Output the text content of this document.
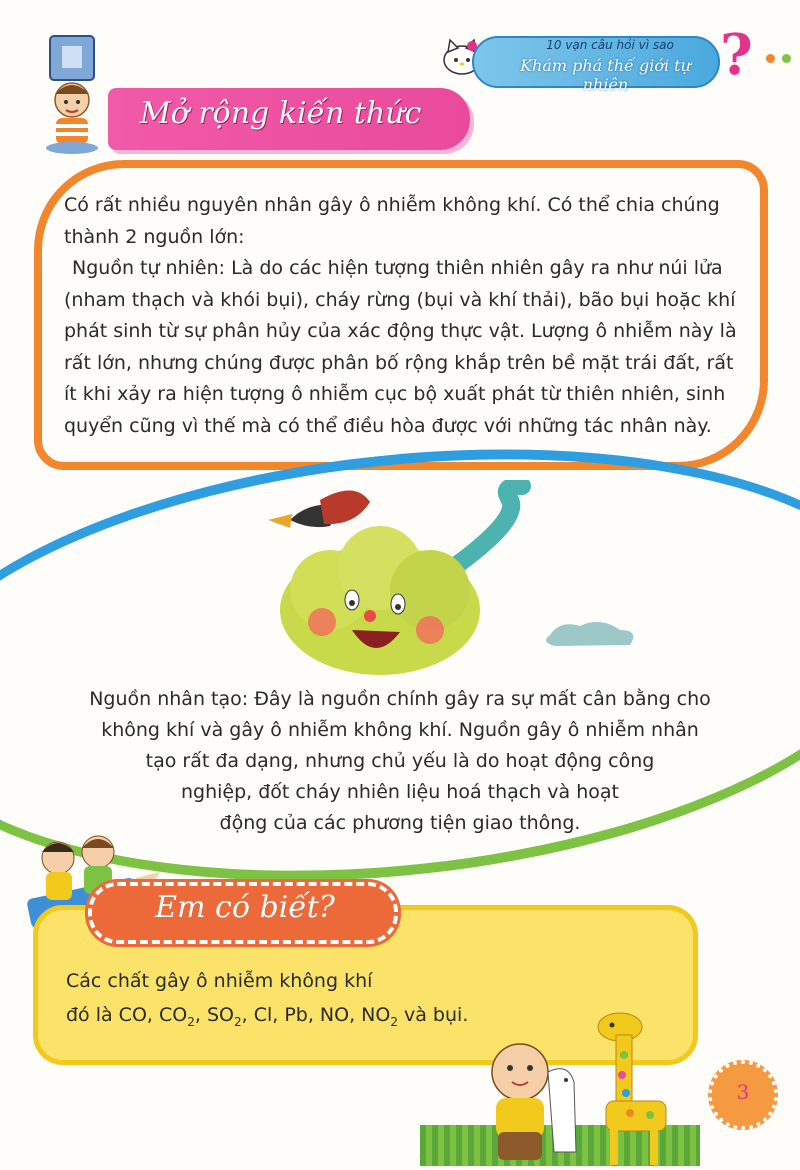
10 vạn câu hỏi vì sao
Khám phá thế giới tự nhiên	?
Mở rộng kiến thức
Có rất nhiều nguyên nhân gây ô nhiễm không khí. Có thể chia chúng thành 2 nguồn lớn:
Nguồn tự nhiên: Là do các hiện tượng thiên nhiên gây ra như núi lửa (nham thạch và khói bụi), cháy rừng (bụi và khí thải), bão bụi hoặc khí phát sinh từ sự phân hủy của xác động thực vật. Lượng ô nhiễm này là rất lớn, nhưng chúng được phân bố rộng khắp trên bề mặt trái đất, rất ít khi xảy ra hiện tượng ô nhiễm cục bộ xuất phát từ thiên nhiên, sinh quyển cũng vì thế mà có thể điều hòa được với những tác nhân này.
Nguồn nhân tạo: Đây là nguồn chính gây ra sự mất cân bằng cho
không khí và gây ô nhiễm không khí. Nguồn gây ô nhiễm nhân
tạo rất đa dạng, nhưng chủ yếu là do hoạt động công
nghiệp, đốt cháy nhiên liệu hoá thạch và hoạt
động của các phương tiện giao thông.
Em có biết?
Các chất gây ô nhiễm không khí
đó là CO, $CO_2$, $SO_2$, Cl, Pb, NO, $NO_2$ và bụi.
3
